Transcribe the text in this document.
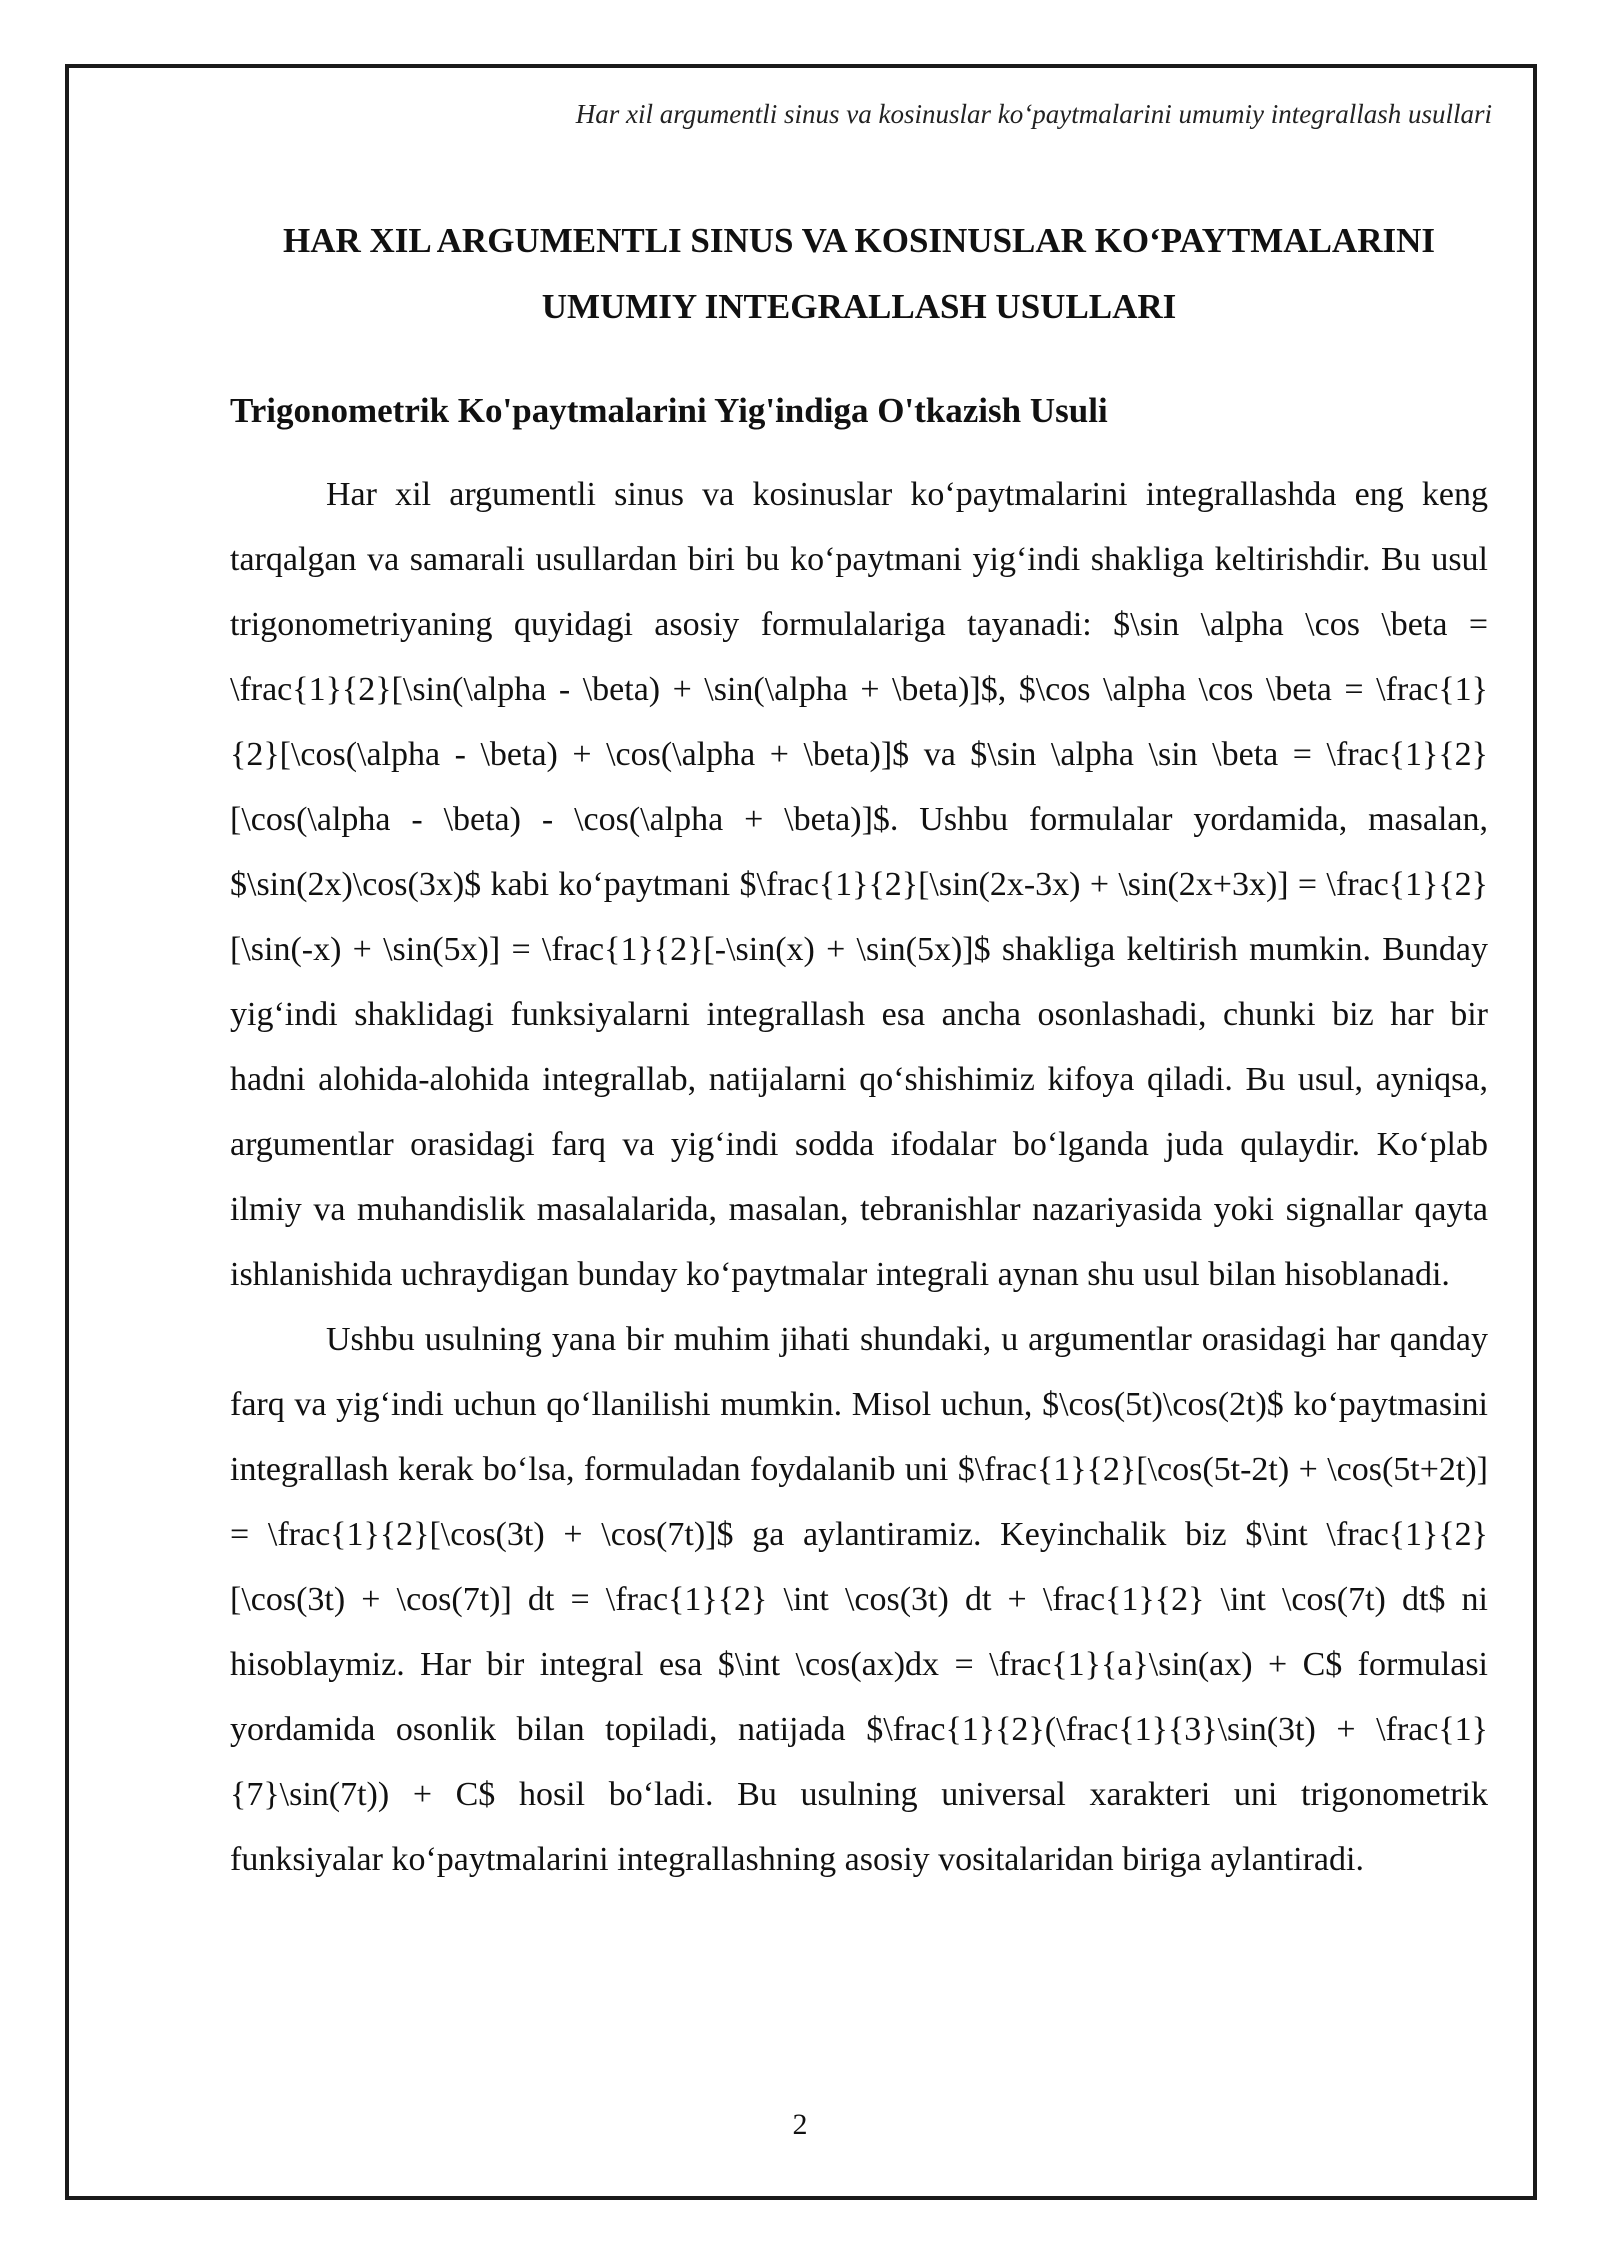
Har xil argumentli sinus va kosinuslar ko‘paytmalarini umumiy integrallash usullari
HAR XIL ARGUMENTLI SINUS VA KOSINUSLAR KO‘PAYTMALARINI UMUMIY INTEGRALLASH USULLARI
Trigonometrik Ko'paytmalarini Yig'indiga O'tkazish Usuli

Har xil argumentli sinus va kosinuslar ko‘paytmalarini integrallashda eng keng tarqalgan va samarali usullardan biri bu ko‘paytmani yig‘indi shakliga keltirishdir. Bu usul trigonometriyaning quyidagi asosiy formulalariga tayanadi: $\sin \alpha \cos \beta = \frac{1}{2}[\sin(\alpha - \beta) + \sin(\alpha + \beta)]$, $\cos \alpha \cos \beta = \frac{1}{2}[\cos(\alpha - \beta) + \cos(\alpha + \beta)]$ va $\sin \alpha \sin \beta = \frac{1}{2}[\cos(\alpha - \beta) - \cos(\alpha + \beta)]$. Ushbu formulalar yordamida, masalan, $\sin(2x)\cos(3x)$ kabi ko‘paytmani $\frac{1}{2}[\sin(2x-3x) + \sin(2x+3x)] = \frac{1}{2}[\sin(-x) + \sin(5x)] = \frac{1}{2}[-\sin(x) + \sin(5x)]$ shakliga keltirish mumkin. Bunday yig‘indi shaklidagi funksiyalarni integrallash esa ancha osonlashadi, chunki biz har bir hadni alohida-alohida integrallab, natijalarni qo‘shishimiz kifoya qiladi. Bu usul, ayniqsa, argumentlar orasidagi farq va yig‘indi sodda ifodalar bo‘lganda juda qulaydir. Ko‘plab ilmiy va muhandislik masalalarida, masalan, tebranishlar nazariyasida yoki signallar qayta ishlanishida uchraydigan bunday ko‘paytmalar integrali aynan shu usul bilan hisoblanadi.

Ushbu usulning yana bir muhim jihati shundaki, u argumentlar orasidagi har qanday farq va yig‘indi uchun qo‘llanilishi mumkin. Misol uchun, $\cos(5t)\cos(2t)$ ko‘paytmasini integrallash kerak bo‘lsa, formuladan foydalanib uni $\frac{1}{2}[\cos(5t-2t) + \cos(5t+2t)] = \frac{1}{2}[\cos(3t) + \cos(7t)]$ ga aylantiramiz. Keyinchalik biz $\int \frac{1}{2}[\cos(3t) + \cos(7t)] dt = \frac{1}{2} \int \cos(3t) dt + \frac{1}{2} \int \cos(7t) dt$ ni hisoblaymiz. Har bir integral esa $\int \cos(ax)dx = \frac{1}{a}\sin(ax) + C$ formulasi yordamida osonlik bilan topiladi, natijada $\frac{1}{2}(\frac{1}{3}\sin(3t) + \frac{1}{7}\sin(7t)) + C$ hosil bo‘ladi. Bu usulning universal xarakteri uni trigonometrik funksiyalar ko‘paytmalarini integrallashning asosiy vositalaridan biriga aylantiradi.

2
